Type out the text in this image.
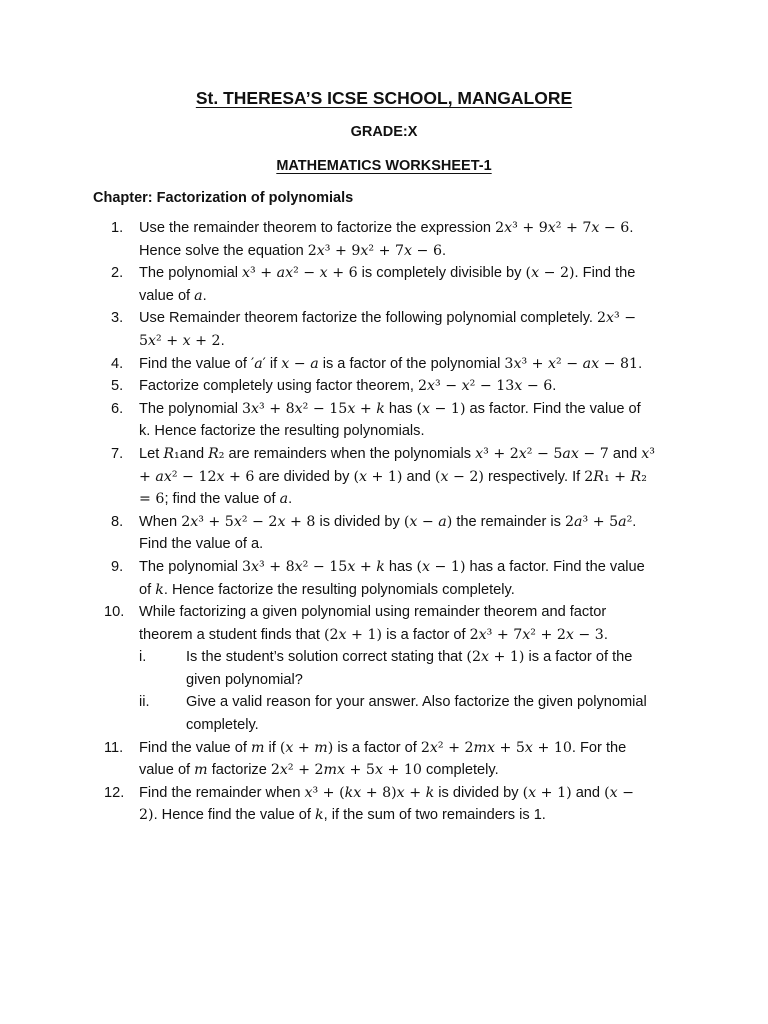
St. THERESA’S ICSE SCHOOL, MANGALORE
GRADE:X
MATHEMATICS WORKSHEET-1
Chapter: Factorization of polynomials
1.	Use the remainder theorem to factorize the expression 2𝑥³ + 9𝑥² + 7𝑥 − 6. Hence solve the equation 2𝑥³ + 9𝑥² + 7𝑥 − 6.
2.	The polynomial 𝑥³ + 𝑎𝑥² − 𝑥 + 6 is completely divisible by (𝑥 − 2). Find the value of 𝑎.
3.	Use Remainder theorem factorize the following polynomial completely. 2𝑥³ − 5𝑥² + 𝑥 + 2.
4.	Find the value of ′𝑎′ if 𝑥 − 𝑎 is a factor of the polynomial 3𝑥³ + 𝑥² − 𝑎𝑥 − 81.
5.	Factorize completely using factor theorem, 2𝑥³ − 𝑥² − 13𝑥 − 6.
6.	The polynomial 3𝑥³ + 8𝑥² − 15𝑥 + 𝑘 has (𝑥 − 1) as factor. Find the value of k. Hence factorize the resulting polynomials.
7.	Let 𝑅₁and 𝑅₂ are remainders when the polynomials 𝑥³ + 2𝑥² − 5𝑎𝑥 − 7 and 𝑥³ + 𝑎𝑥² − 12𝑥 + 6 are divided by (𝑥 + 1) and (𝑥 − 2) respectively. If 2𝑅₁ + 𝑅₂ = 6; find the value of 𝑎.
8.	When 2𝑥³ + 5𝑥² − 2𝑥 + 8 is divided by (𝑥 − 𝑎) the remainder is 2𝑎³ + 5𝑎². Find the value of a.
9.	The polynomial 3𝑥³ + 8𝑥² − 15𝑥 + 𝑘 has (𝑥 − 1) has a factor. Find the value of 𝑘. Hence factorize the resulting polynomials completely.
10.	While factorizing a given polynomial using remainder theorem and factor theorem a student finds that (2𝑥 + 1) is a factor of 2𝑥³ + 7𝑥² + 2𝑥 − 3.
i.	Is the student’s solution correct stating that (2𝑥 + 1) is a factor of the given polynomial?
ii. Give a valid reason for your answer. Also factorize the given polynomial completely.
11.	Find the value of 𝑚 if (𝑥 + 𝑚) is a factor of 2𝑥² + 2𝑚𝑥 + 5𝑥 + 10. For the value of 𝑚 factorize 2𝑥² + 2𝑚𝑥 + 5𝑥 + 10 completely.
12.	Find the remainder when 𝑥³ + (𝑘𝑥 + 8)𝑥 + 𝑘 is divided by (𝑥 + 1) and (𝑥 − 2). Hence find the value of 𝑘, if the sum of two remainders is 1.
